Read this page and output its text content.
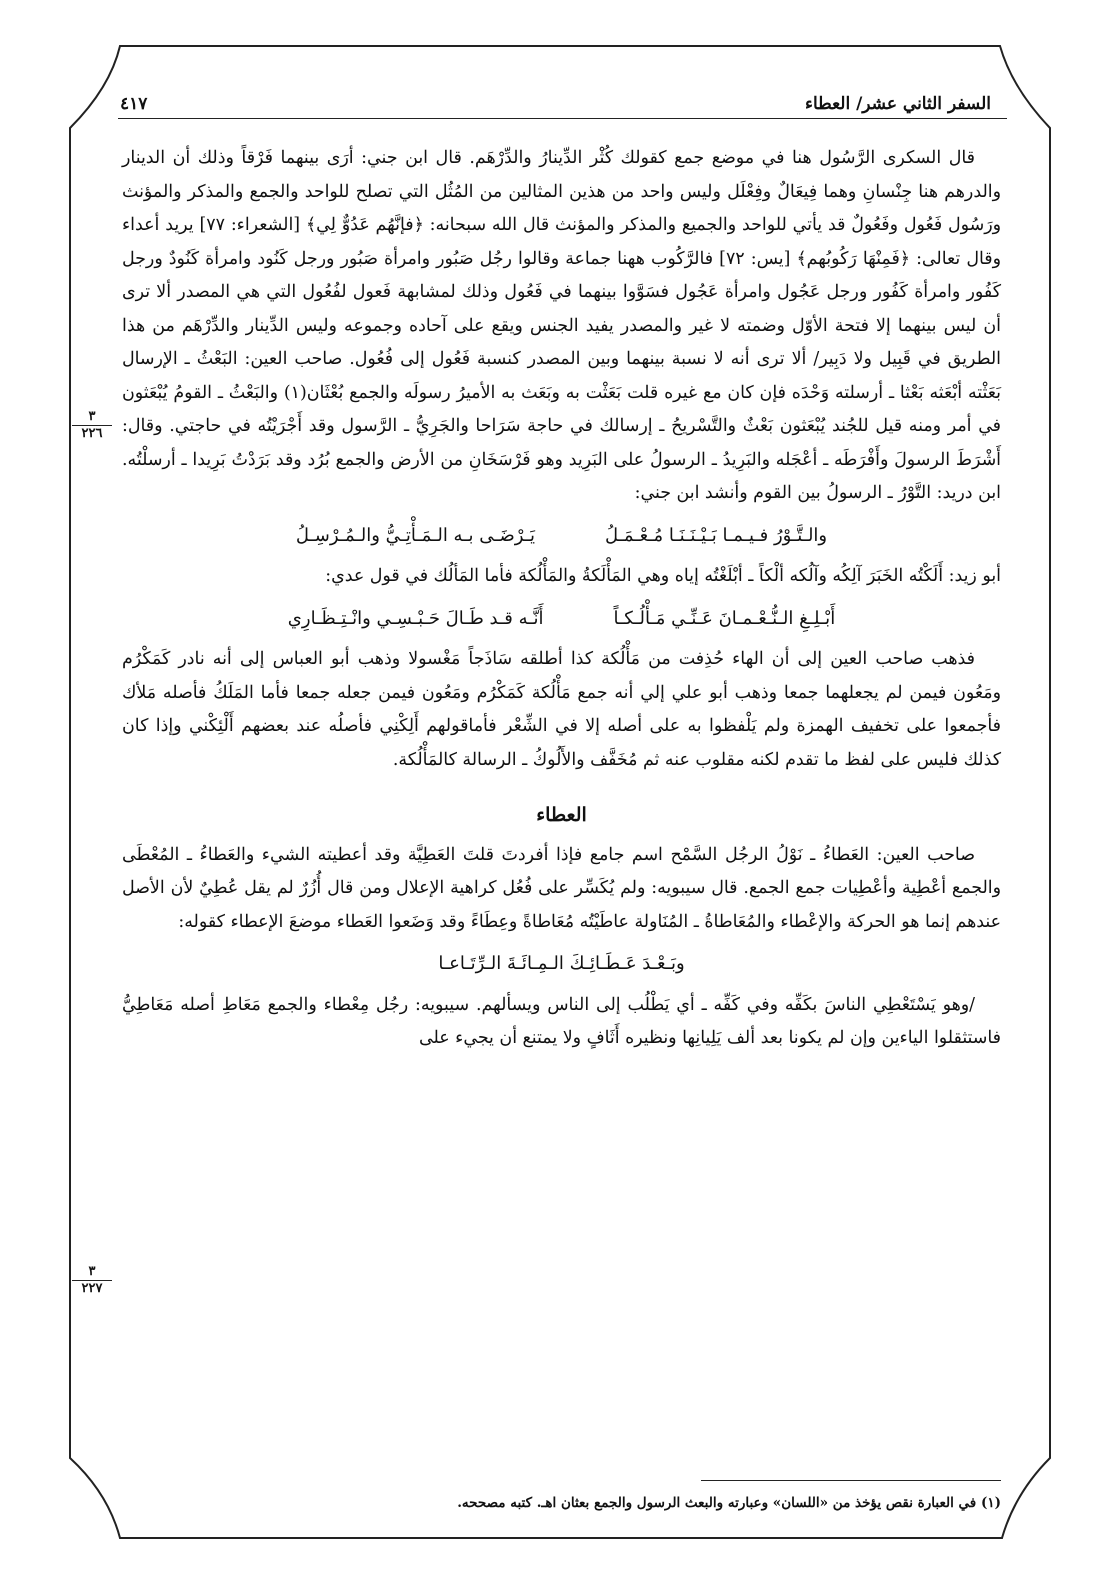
السفر الثاني عشر/ العطاء
٤١٧
٣
٢٢٦
٣
٢٢٧

قال السكرى الرَّسُول هنا في موضع جمع كقولك كُثْر الدِّينارُ والدِّرْهَم. قال ابن جني: أرَى بينهما فَرْقاً وذلك أن الدينار والدرهم هنا جِنْسانِ وهما فِيعَالٌ وفِعْلَل وليس واحد من هذين المثالين من المُثُل التي تصلح للواحد والجمع والمذكر والمؤنث ورَسُول فَعُول وفَعُولٌ قد يأتي للواحد والجميع والمذكر والمؤنث قال الله سبحانه: ﴿فإنَّهُم عَدُوٌّ لِي﴾ [الشعراء: ٧٧] يريد أعداء وقال تعالى: ﴿فَمِنْهَا رَكُوبُهم﴾ [يس: ٧٢] فالرَّكُوب ههنا جماعة وقالوا رجُل صَبُور وامرأة صَبُور ورجل كَنُود وامرأة كَنُودٌ ورجل كَفُور وامرأة كَفُور ورجل عَجُول وامرأة عَجُول فسَوَّوا بينهما في فَعُول وذلك لمشابهة فَعول لفُعُول التي هي المصدر ألا ترى أن ليس بينهما إلا فتحة الأوّل وضمته لا غير والمصدر يفيد الجنس ويقع على آحاده وجموعه وليس الدِّينار والدِّرْهَم من هذا الطريق في قَبِيل ولا دَبِير/ ألا ترى أنه لا نسبة بينهما وبين المصدر كنسبة فَعُول إلى فُعُول. صاحب العين: البَعْثُ ـ الإرسال بَعَثْته أبْعَثه بَعْثا ـ أرسلته وَحْدَه فإن كان مع غيره قلت بَعَثْت به وبَعَث به الأميرُ رسولَه والجمع بُعْثَان(١) والبَعْثُ ـ القومُ يُبْعَثون في أمر ومنه قيل للجُند يُبْعَثون بَعْثٌ والتَّسْريحُ ـ إرسالك في حاجة سَرَاحا والجَرِيُّ ـ الرَّسول وقد أَجْرَيْتُه في حاجتي. وقال: أَشْرَطَ الرسولَ وأَفْرَطَه ـ أعْجَله والبَرِيدُ ـ الرسولُ على البَرِيد وهو فَرْسَخَانِ من الأرض والجمع بُرُد وقد بَرَدْتُ بَرِيدا ـ أرسلْتُه. ابن دريد: التَّوْرُ ـ الرسولُ بين القوم وأنشد ابن جني:

والـتَّـوْرُ فـيـمـا بَـيْـنَـنَـا مُـعْـمَـلُ
يَـرْضَـى بـه الـمَـأْتِـيُّ والـمُـرْسِـلُ

أبو زيد: أَلَكْتُه الخَبَرَ آلِكُه وآلُكه ألْكاً ـ أبْلَغْتُه إياه وهي المَأْلَكةُ والمَأْلُكة فأما المَألُك في قول عدي:

أَبْـلِـغِ الـنُّـعْـمـانَ عَـنِّـي مَـأْلُـكـاً
أَنَّـه قـد طَـالَ حَـبْـسِـي وانْـتِـظَـارِي

فذهب صاحب العين إلى أن الهاء حُذِفت من مَأْلُكة كذا أطلقه سَاذَجاً مَغْسولا وذهب أبو العباس إلى أنه نادر كَمَكْرُم ومَعُون فيمن لم يجعلهما جمعا وذهب أبو علي إلي أنه جمع مَأْلُكة كَمَكْرُم ومَعُون فيمن جعله جمعا فأما المَلَكُ فأصله مَلأك فأجمعوا على تخفيف الهمزة ولم يَلْفظوا به على أصله إلا في الشِّعْر فأماقولهم أَلِكْنِي فأصلُه عند بعضهم أَلْئِكْني وإذا كان كذلك فليس على لفظ ما تقدم لكنه مقلوب عنه ثم مُخَفَّف والأَلُوكُ ـ الرسالة كالمَأْلُكة.

العطاء

صاحب العين: العَطاءُ ـ نَوْلُ الرجُل السَّمْح اسم جامع فإذا أفردتَ قلتَ العَطِيَّة وقد أعطيته الشيء والعَطاءُ ـ المُعْطَى والجمع أعْطِية وأعْطِيات جمع الجمع. قال سيبويه: ولم يُكَسِّر على فُعُل كراهية الإعلال ومن قال أُزُرٌ لم يقل عُطِيٌ لأن الأصل عندهم إنما هو الحركة والإعْطاء والمُعَاطاةُ ـ المُنَاولة عاطَيْتُه مُعَاطاةً وعِطَاءً وقد وَضَعوا العَطاء موضعَ الإعطاء كقوله:

وبَـعْـدَ عَـطَـائِـكَ الـمِـائَـةَ الـرِّتَـاعـا

/وهو يَسْتَعْطِي الناسَ بكَفِّه وفي كَفِّه ـ أي يَطْلُب إلى الناس ويسألهم. سيبويه: رجُل مِعْطاء والجمع مَعَاطِ أصله مَعَاطِيُّ فاستثقلوا الياءين وإن لم يكونا بعد ألف يَلِيانِها ونظيره أَثَافٍ ولا يمتنع أن يجيء على

(١) في العبارة نقص يؤخذ من «اللسان» وعبارته والبعث الرسول والجمع بعثان اهـ. كتبه مصححه.
